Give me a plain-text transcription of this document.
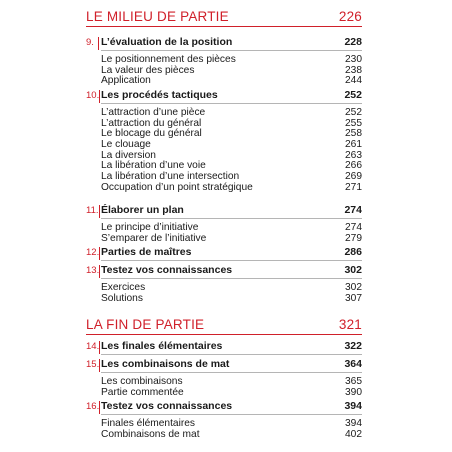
LE MILIEU DE PARTIE	226
9. L’évaluation de la position	228
Le positionnement des pièces	230
La valeur des pièces	238
Application	244
10. Les procédés tactiques	252
L’attraction d’une pièce	252
L’attraction du général	255
Le blocage du général	258
Le clouage	261
La diversion	263
La libération d’une voie	266
La libération d’une intersection	269
Occupation d’un point stratégique	271
11. Élaborer un plan	274
Le principe d’initiative	274
S’emparer de l’initiative	279
12. Parties de maîtres	286
13. Testez vos connaissances	302
Exercices	302
Solutions	307
LA FIN DE PARTIE	321
14. Les finales élémentaires	322
15. Les combinaisons de mat	364
Les combinaisons	365
Partie commentée	390
16. Testez vos connaissances	394
Finales élémentaires	394
Combinaisons de mat	402
